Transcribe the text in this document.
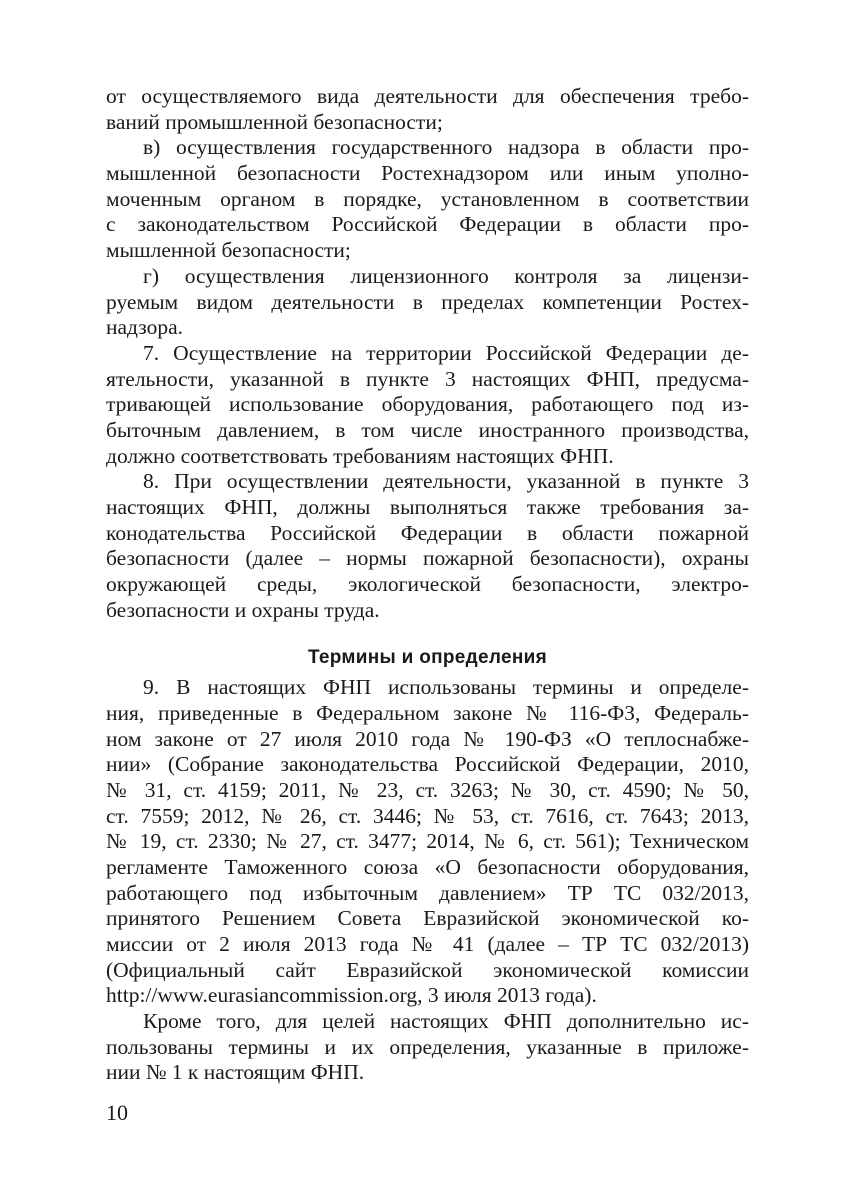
от осуществляемого вида деятельности для обеспечения требо-
ваний промышленной безопасности;
в) осуществления государственного надзора в области про-
мышленной безопасности Ростехнадзором или иным уполно-
моченным органом в порядке, установленном в соответствии
с законодательством Российской Федерации в области про-
мышленной безопасности;
г) осуществления лицензионного контроля за лицензи-
руемым видом деятельности в пределах компетенции Ростех-
надзора.
7. Осуществление на территории Российской Федерации де-
ятельности, указанной в пункте 3 настоящих ФНП, предусма-
тривающей использование оборудования, работающего под из-
быточным давлением, в том числе иностранного производства,
должно соответствовать требованиям настоящих ФНП.
8. При осуществлении деятельности, указанной в пункте 3
настоящих ФНП, должны выполняться также требования за-
конодательства Российской Федерации в области пожарной
безопасности (далее – нормы пожарной безопасности), охраны
окружающей среды, экологической безопасности, электро-
безопасности и охраны труда.
Термины и определения
9. В настоящих ФНП использованы термины и определе-
ния, приведенные в Федеральном законе № 116-ФЗ, Федераль-
ном законе от 27 июля 2010 года № 190-ФЗ «О теплоснабже-
нии» (Собрание законодательства Российской Федерации, 2010,
№ 31, ст. 4159; 2011, № 23, ст. 3263; № 30, ст. 4590; № 50,
ст. 7559; 2012, № 26, ст. 3446; № 53, ст. 7616, ст. 7643; 2013,
№ 19, ст. 2330; № 27, ст. 3477; 2014, № 6, ст. 561); Техническом
регламенте Таможенного союза «О безопасности оборудования,
работающего под избыточным давлением» ТР ТС 032/2013,
принятого Решением Совета Евразийской экономической ко-
миссии от 2 июля 2013 года № 41 (далее – ТР ТС 032/2013)
(Официальный сайт Евразийской экономической комиссии
http://www.eurasiancommission.org, 3 июля 2013 года).
Кроме того, для целей настоящих ФНП дополнительно ис-
пользованы термины и их определения, указанные в приложе-
нии № 1 к настоящим ФНП.
10
